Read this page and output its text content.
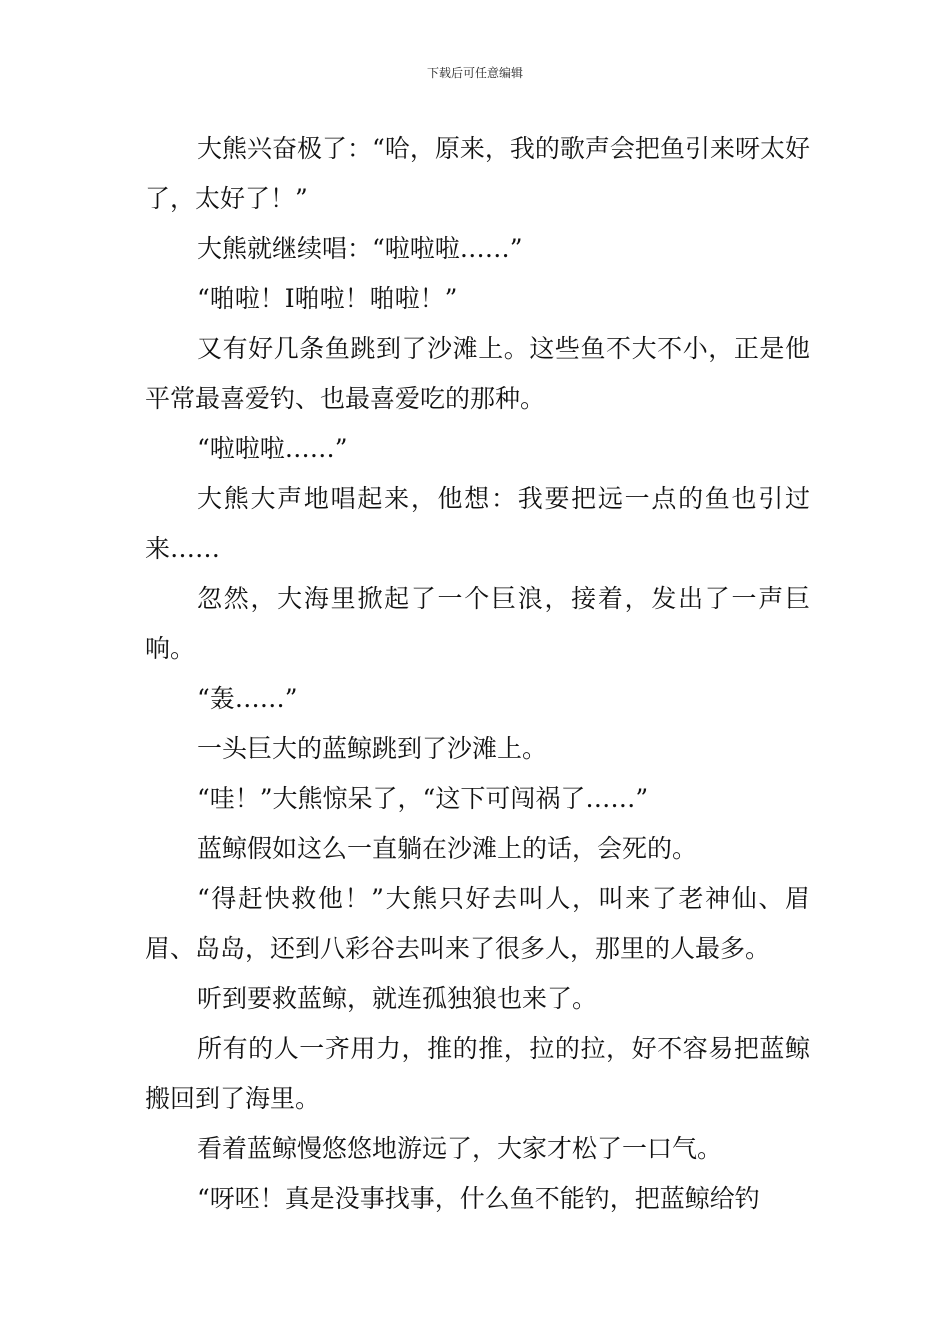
下载后可任意编辑

大熊兴奋极了：“哈，原来，我的歌声会把鱼引来呀太好了，太好了！”

大熊就继续唱：“啦啦啦……”

“啪啦！I啪啦！啪啦！”

又有好几条鱼跳到了沙滩上。这些鱼不大不小，正是他平常最喜爱钓、也最喜爱吃的那种。

“啦啦啦……”

大熊大声地唱起来，他想：我要把远一点的鱼也引过来……

忽然，大海里掀起了一个巨浪，接着，发出了一声巨响。

“轰……”

一头巨大的蓝鲸跳到了沙滩上。

“哇！”大熊惊呆了，“这下可闯祸了……”

蓝鲸假如这么一直躺在沙滩上的话，会死的。

“得赶快救他！”大熊只好去叫人，叫来了老神仙、眉眉、岛岛，还到八彩谷去叫来了很多人，那里的人最多。

听到要救蓝鲸，就连孤独狼也来了。

所有的人一齐用力，推的推，拉的拉，好不容易把蓝鲸搬回到了海里。

看着蓝鲸慢悠悠地游远了，大家才松了一口气。

“呀呸！真是没事找事，什么鱼不能钓，把蓝鲸给钓
